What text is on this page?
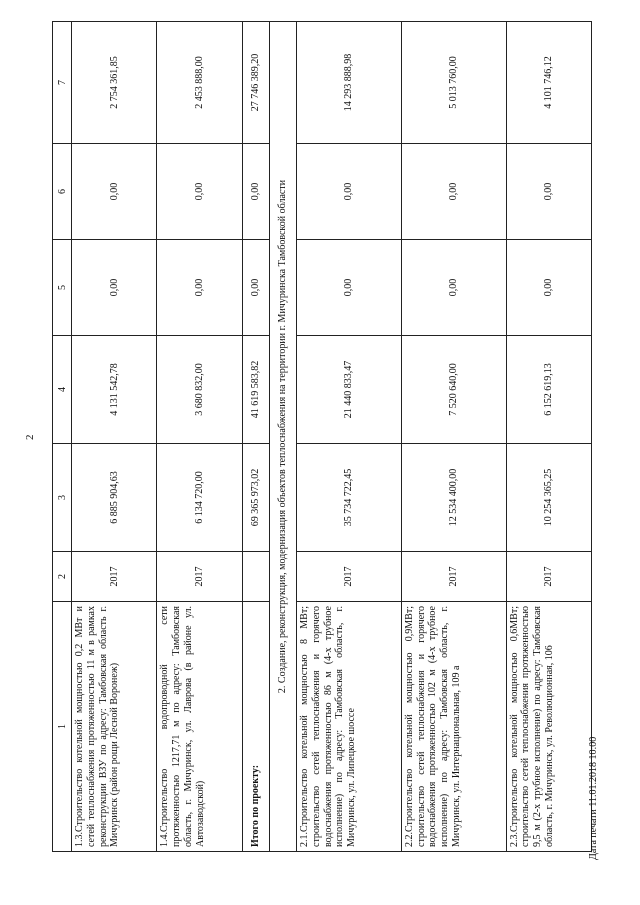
2
1	2	3	4	5	6	7
1.3.Строительство котельной мощностью 0,2 МВт и сетей теплоснабжения протяженностью 11 м в рамках реконструкции ВЗУ по адресу: Тамбовская область г. Мичуринск (район рощи Лесной Воронеж)	2017	6 885 904,63	4 131 542,78	0,00	0,00	2 754 361,85
1.4.Строительство водопроводной сети протяженностью 1217,71 м по адресу: Тамбовская область, г. Мичуринск, ул. Лаврова (в районе ул. Автозаводской)	2017	6 134 720,00	3 680 832,00	0,00	0,00	2 453 888,00
Итого по проекту:		69 365 973,02	41 619 583,82	0,00	0,00	27 746 389,20
2. Создание, реконструкция, модернизация объектов теплоснабжения на территории г. Мичуринска Тамбовской области						
2.1.Строительство котельной мощностью 8 МВт; строительство сетей теплоснабжения и горячего водоснабжения протяженностью 86 м (4-х трубное исполнение) по адресу: Тамбовская область, г. Мичуринск, ул. Липецкое шоссе	2017	35 734 722,45	21 440 833,47	0,00	0,00	14 293 888,98
2.2.Строительство котельной мощностью 0,9МВт; строительство сетей теплоснабжения и горячего водоснабжения протяженностью 102 м (4-х трубное исполнение) по адресу: Тамбовская область, г. Мичуринск, ул. Интернациональная, 109 а	2017	12 534 400,00	7 520 640,00	0,00	0,00	5 013 760,00
2.3.Строительство котельной мощностью 0,6МВт; строительство сетей теплоснабжения протяженностью 9,5 м (2-х трубное исполнение) по адресу: Тамбовская область, г. Мичуринск, ул. Революционная, 106	2017	10 254 365,25	6 152 619,13	0,00	0,00	4 101 746,12
Дата печати 11.01.2018 10:00
